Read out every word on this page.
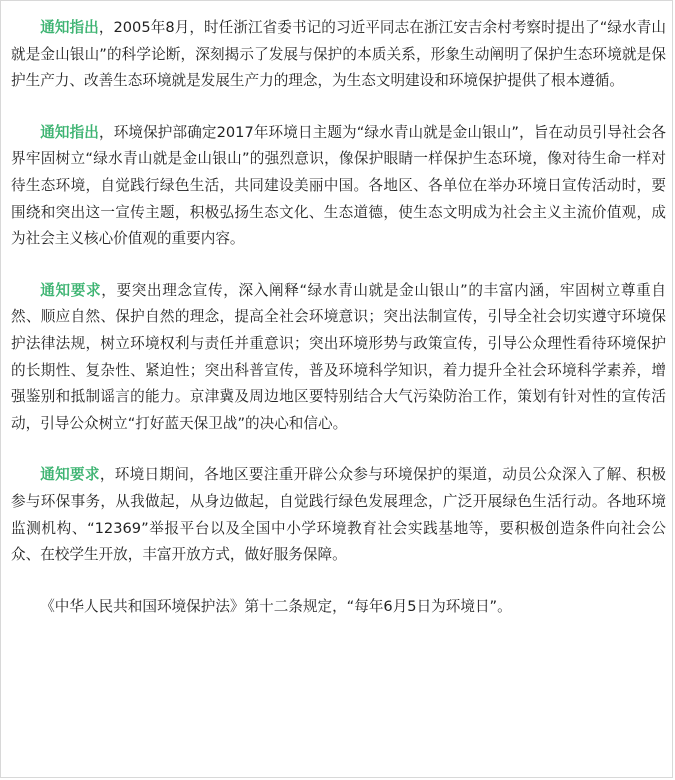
通知指出，2005年8月，时任浙江省委书记的习近平同志在浙江安吉余村考察时提出了“绿水青山就是金山银山”的科学论断，深刻揭示了发展与保护的本质关系，形象生动阐明了保护生态环境就是保护生产力、改善生态环境就是发展生产力的理念，为生态文明建设和环境保护提供了根本遵循。

通知指出，环境保护部确定2017年环境日主题为“绿水青山就是金山银山”，旨在动员引导社会各界牢固树立“绿水青山就是金山银山”的强烈意识，像保护眼睛一样保护生态环境，像对待生命一样对待生态环境，自觉践行绿色生活，共同建设美丽中国。各地区、各单位在举办环境日宣传活动时，要围绕和突出这一宣传主题，积极弘扬生态文化、生态道德，使生态文明成为社会主义主流价值观，成为社会主义核心价值观的重要内容。

通知要求，要突出理念宣传，深入阐释“绿水青山就是金山银山”的丰富内涵，牢固树立尊重自然、顺应自然、保护自然的理念，提高全社会环境意识；突出法制宣传，引导全社会切实遵守环境保护法律法规，树立环境权利与责任并重意识；突出环境形势与政策宣传，引导公众理性看待环境保护的长期性、复杂性、紧迫性；突出科普宣传，普及环境科学知识，着力提升全社会环境科学素养，增强鉴别和抵制谣言的能力。京津冀及周边地区要特别结合大气污染防治工作，策划有针对性的宣传活动，引导公众树立“打好蓝天保卫战”的决心和信心。

通知要求，环境日期间，各地区要注重开辟公众参与环境保护的渠道，动员公众深入了解、积极参与环保事务，从我做起，从身边做起，自觉践行绿色发展理念，广泛开展绿色生活行动。各地环境监测机构、“12369”举报平台以及全国中小学环境教育社会实践基地等，要积极创造条件向社会公众、在校学生开放，丰富开放方式，做好服务保障。

《中华人民共和国环境保护法》第十二条规定，“每年6月5日为环境日”。
